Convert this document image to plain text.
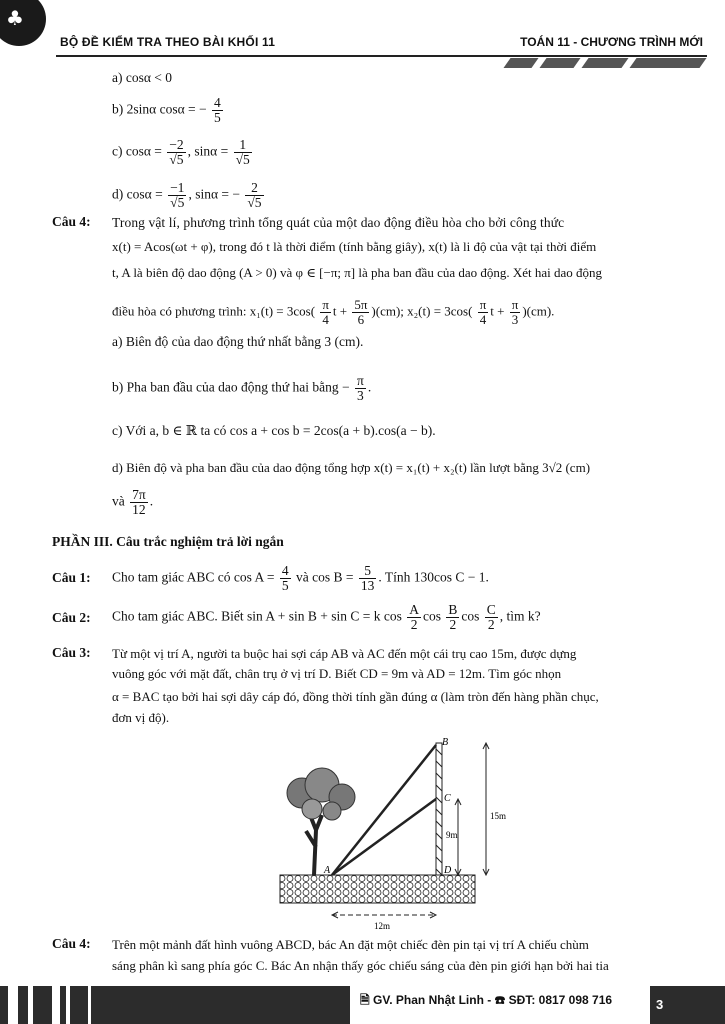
♣
BỘ ĐỀ KIỂM TRA THEO BÀI KHỐI 11	TOÁN 11 - CHƯƠNG TRÌNH MỚI
a) cosα < 0
b) 2sinα cosα = − $\frac{4}{5}$
c) $\cos\alpha = \frac{-2}{√5}$ , $\sin\alpha = \frac{1}{√5}$
d) $\cos\alpha = \frac{-1}{√5}$ , sinα = − $\frac{2}{√5}$
Câu 4: Trong vật lí, phương trình tổng quát của một dao động điều hòa cho bởi công thức
x(t) = Acos(ωt + φ), trong đó t là thời điểm (tính bằng giây), x(t) là li độ của vật tại thời điểm
t, A là biên độ dao động (A > 0) và φ ∈ [−π; π] là pha ban đầu của dao động. Xét hai dao động
điều hòa có phương trình: $x_1(t) = 3\cos( \frac{\pi}{4}$ $t + \frac{5\pi}{6} )(cm)$; $x_2(t) = 3\cos( \frac{\pi}{4}$ $t + \frac{\pi}{3} )(cm)$.
a) Biên độ của dao động thứ nhất bằng 3 (cm).
b) Pha ban đầu của dao động thứ hai bằng − $\frac{\pi}{3}$ .
c) Với a, b ∈ ℝ ta có cos a + cos b = 2cos(a + b).cos(a − b).
d) Biên độ và pha ban đầu của dao động tổng hợp x(t) = x₁(t) + x₂(t) lần lượt bằng 3√2 (cm)
và $\frac{7\pi}{12}$ .
PHẦN III. Câu trắc nghiệm trả lời ngắn
Câu 1: Cho tam giác ABC có $\cos A = \frac{4}{5}$ và $\cos B = \frac{5}{13}$ . Tính 130cos C − 1.
Câu 2: Cho tam giác ABC. Biết sin A + sin B + sin C = k $\cos \frac{A}{2}$ $\cos \frac{B}{2}$ $\cos \frac{C}{2}$ , tìm k?
Câu 3: Từ một vị trí A, người ta buộc hai sợi cáp AB và AC đến một cái trụ cao 15m, được dựng
vuông góc với mặt đất, chân trụ ở vị trí D. Biết CD = 9m và AD = 12m. Tìm góc nhọn
α = BAC tạo bởi hai sợi dây cáp đó, đồng thời tính gần đúng α (làm tròn đến hàng phần chục,
đơn vị độ).
B
C
A	D
15m
9m
12m
Câu 4: Trên một mảnh đất hình vuông ABCD, bác An đặt một chiếc đèn pin tại vị trí A chiếu chùm
sáng phân kì sang phía góc C. Bác An nhận thấy góc chiếu sáng của đèn pin giới hạn bởi hai tia
🗎 GV. Phan Nhật Linh - ☎ SĐT: 0817 098 716	3
